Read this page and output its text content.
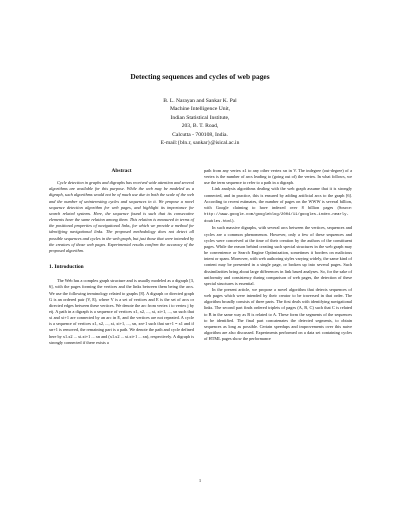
Detecting sequences and cycles of web pages
B. L. Narayan and Sankar K. Pal
Machine Intelligence Unit,
Indian Statistical Institute,
203, B. T. Road,
Calcutta - 700108, India.
E-mail:{bln.r, sankar}@isical.ac.in
Abstract

Cycle detection in graphs and digraphs has received wide attention and several algorithms are available for this purpose. While the web may be modeled as a digraph, such algorithms would not be of much use due to both the scale of the web and the number of uninteresting cycles and sequences in it. We propose a novel sequence detection algorithm for web pages, and highlight its importance for search related systems. Here, the sequence found is such that its consecutive elements have the same relation among them. This relation is measured in terms of the positional properties of navigational links, for which we provide a method for identifying navigational links. The proposed methodology does not detect all possible sequences and cycles in the web graph, but just those that were intended by the creators of those web pages. Experimental results confirm the accuracy of the proposed algorithm.

1. Introduction

The Web has a complex graph structure and is usually modeled as a digraph [3, 6], with the pages forming the vertices and the links between them being the arcs. We use the following terminology related to graphs [8]. A digraph or directed graph G is an ordered pair (V, E), where V is a set of vertices and E is the set of arcs or directed edges between these vertices. We denote the arc from vertex i to vertex j by eij. A path in a digraph is a sequence of vertices x1, x2, ..., xi, xi+1, ..., xn such that xi and xi+1 are connected by an arc in E, and the vertices are not repeated. A cycle is a sequence of vertices x1, x2, ..., xi, xi+1, ..., xn, xn+1 such that xn+1 = x1 and if xn+1 is removed, the remaining part is a path. We denote the path and cycle defined here by x1.x2 ... xi.xi+1 ... xn and (x1.x2 ... xi.xi+1 ... xn), respectively. A digraph is strongly connected if there exists a

path from any vertex x1 to any other vertex xn in V. The indegree (out-degree) of a vertex is the number of arcs leading to (going out of) the vertex. In what follows, we use the term sequence to refer to a path in a digraph.

Link analysis algorithms dealing with the web graph assume that it is strongly connected, and in practice, this is ensured by adding artificial arcs to the graph [6]. According to recent estimates, the number of pages on the WWW is several billion, with Google claiming to have indexed over 8 billion pages (Source: http://www.google.com/googleblog/2004/11/googles-index-nearly-doubles.html).

In such massive digraphs, with several arcs between the vertices, sequences and cycles are a common phenomenon. However, only a few of these sequences and cycles were conceived at the time of their creation by the authors of the constituent pages. While the reason behind creating such special structures in the web graph may be convenience or Search Engine Optimization, sometimes it borders on malicious intent or spam. Moreover, with web authoring styles varying widely, the same kind of content may be presented in a single page, or broken up into several pages. Such dissimilarities bring about large differences in link based analyses. So, for the sake of uniformity and consistency during comparison of web pages, the detection of these special structures is essential.

In the present article, we propose a novel algorithm that detects sequences of web pages which were intended by their creator to be traversed in that order. The algorithm broadly consists of three parts. The first deals with identifying navigational links. The second part finds ordered triplets of pages (A, B, C) such that C is related to B in the same way as B is related to A. These form the segments of the sequences to be identified. The final part concatenates the detected segments, to obtain sequences as long as possible. Certain speedups and improvements over this naive algorithm are also discussed. Experiments performed on a data set containing cycles of HTML pages show the performance

1
